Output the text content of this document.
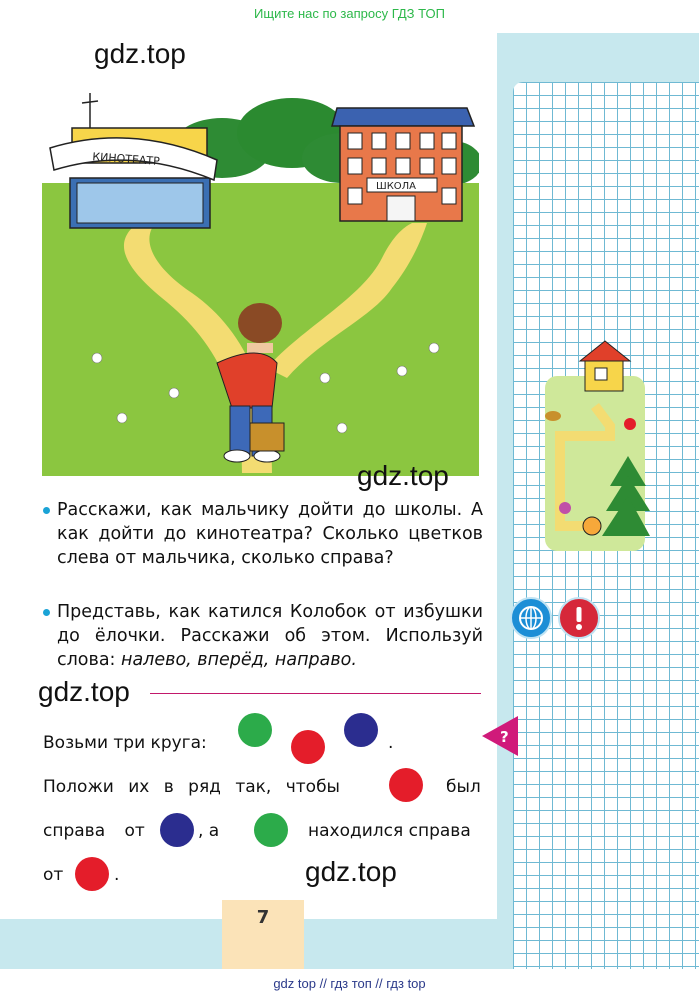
Ищите нас по запросу ГДЗ ТОП
КИНОТЕАТР
ШКОЛА
gdz.top
gdz.top
gdz.top
gdz.top
Расскажи, как мальчику дойти до школы. А как дойти до кинотеатра? Сколько цветков слева от мальчика, сколько справа?
Представь, как катился Колобок от избушки до ёлочки. Расскажи об этом. Используй слова: налево, вперёд, направо.
Возьми три круга:	.
Положи их в ряд так, чтобы	был
справа от	, а	находился справа
от	.
?
7
gdz top // гдз топ // гдз top
